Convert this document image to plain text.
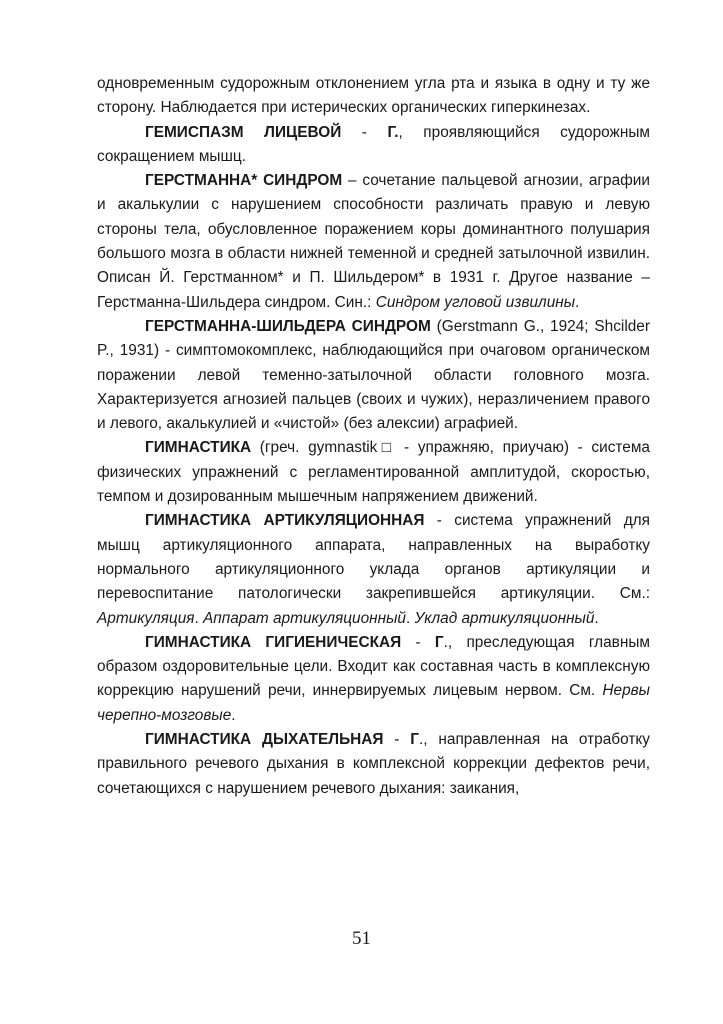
одновременным судорожным отклонением угла рта и языка в одну и ту же сторону. Наблюдается при истерических органических гиперкинезах.

ГЕМИСПАЗМ ЛИЦЕВОЙ - Г., проявляющийся судорожным сокращением мышц.

ГЕРСТМАННА* СИНДРОМ – сочетание пальцевой агнозии, аграфии и акалькулии с нарушением способности различать правую и левую стороны тела, обусловленное поражением коры доминантного полушария большого мозга в области нижней теменной и средней затылочной извилин. Описан Й. Герстманном* и П. Шильдером* в 1931 г. Другое название – Герстманна-Шильдера синдром. Син.: Синдром угловой извилины.

ГЕРСТМАННА-ШИЛЬДЕРА СИНДРОМ (Gerstmann G., 1924; Shcilder P., 1931) - симптомокомплекс, наблюдающийся при очаговом органическом поражении левой теменно-затылочной области головного мозга. Характеризуется агнозией пальцев (своих и чужих), неразличением правого и левого, акалькулией и «чистой» (без алексии) аграфией.

ГИМНАСТИКА (греч. gymnastik□ - упражняю, приучаю) - система физических упражнений с регламентированной амплитудой, скоростью, темпом и дозированным мышечным напряжением движений.

ГИМНАСТИКА АРТИКУЛЯЦИОННАЯ - система упражнений для мышц артикуляционного аппарата, направленных на выработку нормального артикуляционного уклада органов артикуляции и перевоспитание патологически закрепившейся артикуляции. См.: Артикуляция. Аппарат артикуляционный. Уклад артикуляционный.

ГИМНАСТИКА ГИГИЕНИЧЕСКАЯ - Г., преследующая главным образом оздоровительные цели. Входит как составная часть в комплексную коррекцию нарушений речи, иннервируемых лицевым нервом. См. Нервы черепно-мозговые.

ГИМНАСТИКА ДЫХАТЕЛЬНАЯ - Г., направленная на отработку правильного речевого дыхания в комплексной коррекции дефектов речи, сочетающихся с нарушением речевого дыхания: заикания,

51
